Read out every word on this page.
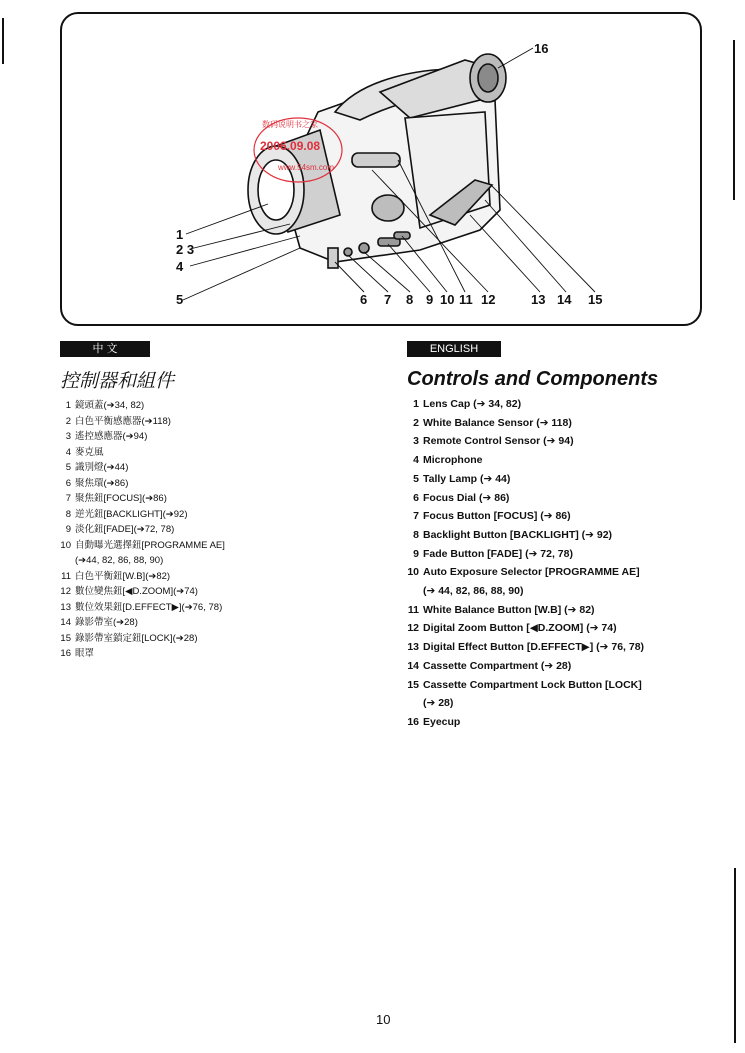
16
1
2 3
4
5	6 7 8 9 10 11 12	13 14 15
数码说明书之家
2006.09.08
www.54sm.com
中 文	ENGLISH
控制器和組件	Controls and Components
1 鏡頭蓋(➔34, 82)
2 白色平衡感應器(➔118)
3 遙控感應器(➔94)
4 麥克風
5 識別燈(➔44)
6 聚焦環(➔86)
7 聚焦鈕[FOCUS](➔86)
8 逆光鈕[BACKLIGHT](➔92)
9 淡化鈕[FADE](➔72, 78)
10 自動曝光選擇鈕[PROGRAMME AE]
(➔44, 82, 86, 88, 90)
11 白色平衡鈕[W.B](➔82)
12 數位變焦鈕[◀D.ZOOM](➔74)
13 數位效果鈕[D.EFFECT▶](➔76, 78)
14 錄影帶室(➔28)
15 錄影帶室鎖定鈕[LOCK](➔28)
16 眼罩
1 Lens Cap (➔ 34, 82)
2 White Balance Sensor (➔ 118)
3 Remote Control Sensor (➔ 94)
4 Microphone
5 Tally Lamp (➔ 44)
6 Focus Dial (➔ 86)
7 Focus Button [FOCUS] (➔ 86)
8 Backlight Button [BACKLIGHT] (➔ 92)
9 Fade Button [FADE] (➔ 72, 78)
10 Auto Exposure Selector [PROGRAMME AE]
(➔ 44, 82, 86, 88, 90)
11 White Balance Button [W.B] (➔ 82)
12 Digital Zoom Button [◀D.ZOOM] (➔ 74)
13 Digital Effect Button [D.EFFECT▶] (➔ 76, 78)
14 Cassette Compartment (➔ 28)
15 Cassette Compartment Lock Button [LOCK]
(➔ 28)
16 Eyecup
10
